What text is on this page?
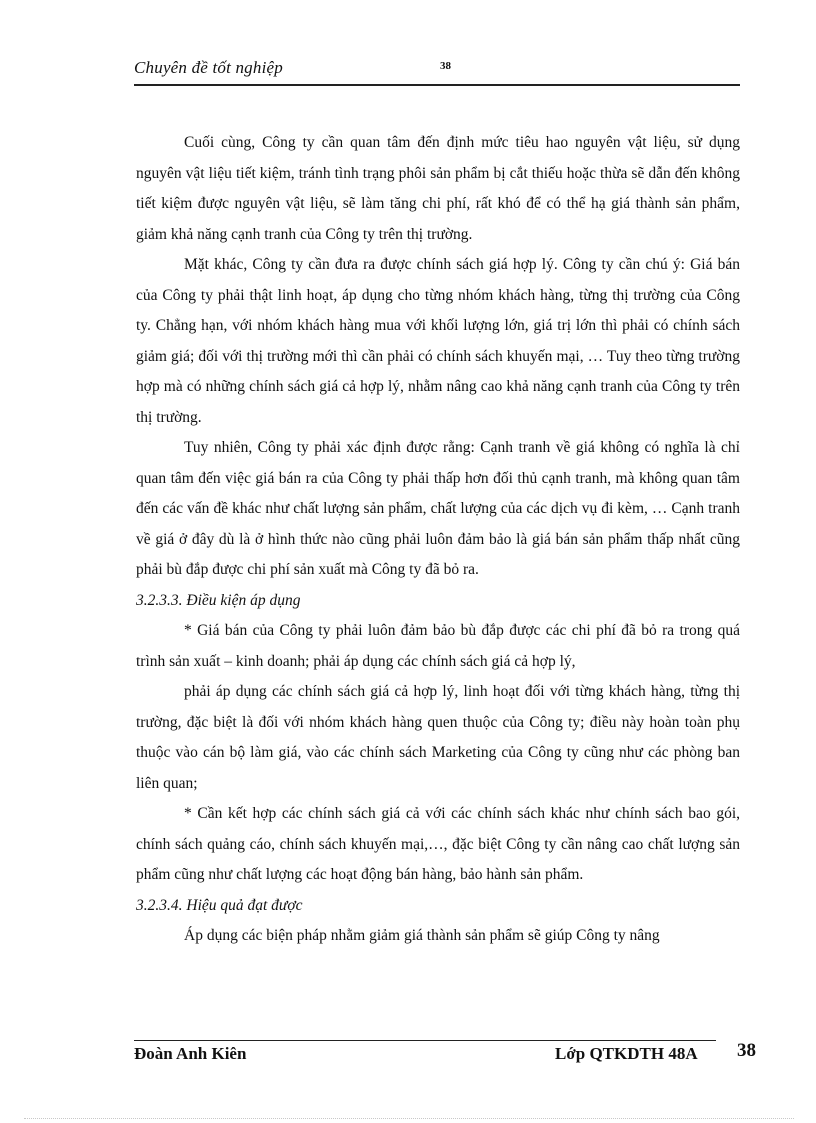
Chuyên đề tốt nghiệp	38

Cuối cùng, Công ty cần quan tâm đến định mức tiêu hao nguyên vật liệu, sử dụng nguyên vật liệu tiết kiệm, tránh tình trạng phôi sản phẩm bị cắt thiếu hoặc thừa sẽ dẫn đến không tiết kiệm được nguyên vật liệu, sẽ làm tăng chi phí, rất khó để có thể hạ giá thành sản phẩm, giảm khả năng cạnh tranh của Công ty trên thị trường.

Mặt khác, Công ty cần đưa ra được chính sách giá hợp lý. Công ty cần chú ý: Giá bán của Công ty phải thật linh hoạt, áp dụng cho từng nhóm khách hàng, từng thị trường của Công ty. Chẳng hạn, với nhóm khách hàng mua với khối lượng lớn, giá trị lớn thì phải có chính sách giảm giá; đối với thị trường mới thì cần phải có chính sách khuyến mại, … Tuy theo từng trường hợp mà có những chính sách giá cả hợp lý, nhằm nâng cao khả năng cạnh tranh của Công ty trên thị trường.

Tuy nhiên, Công ty phải xác định được rằng: Cạnh tranh về giá không có nghĩa là chỉ quan tâm đến việc giá bán ra của Công ty phải thấp hơn đối thủ cạnh tranh, mà không quan tâm đến các vấn đề khác như chất lượng sản phẩm, chất lượng của các dịch vụ đi kèm, … Cạnh tranh về giá ở đây dù là ở hình thức nào cũng phải luôn đảm bảo là giá bán sản phẩm thấp nhất cũng phải bù đắp được chi phí sản xuất mà Công ty đã bỏ ra.

3.2.3.3. Điều kiện áp dụng

* Giá bán của Công ty phải luôn đảm bảo bù đắp được các chi phí đã bỏ ra trong quá trình sản xuất – kinh doanh; phải áp dụng các chính sách giá cả hợp lý,

phải áp dụng các chính sách giá cả hợp lý, linh hoạt đối với từng khách hàng, từng thị trường, đặc biệt là đối với nhóm khách hàng quen thuộc của Công ty; điều này hoàn toàn phụ thuộc vào cán bộ làm giá, vào các chính sách Marketing của Công ty cũng như các phòng ban liên quan;

* Cần kết hợp các chính sách giá cả với các chính sách khác như chính sách bao gói, chính sách quảng cáo, chính sách khuyến mại,…, đặc biệt Công ty cần nâng cao chất lượng sản phẩm cũng như chất lượng các hoạt động bán hàng, bảo hành sản phẩm.

3.2.3.4. Hiệu quả đạt được

Áp dụng các biện pháp nhằm giảm giá thành sản phẩm sẽ giúp Công ty nâng

Đoàn Anh Kiên	Lớp QTKDTH 48A 38
